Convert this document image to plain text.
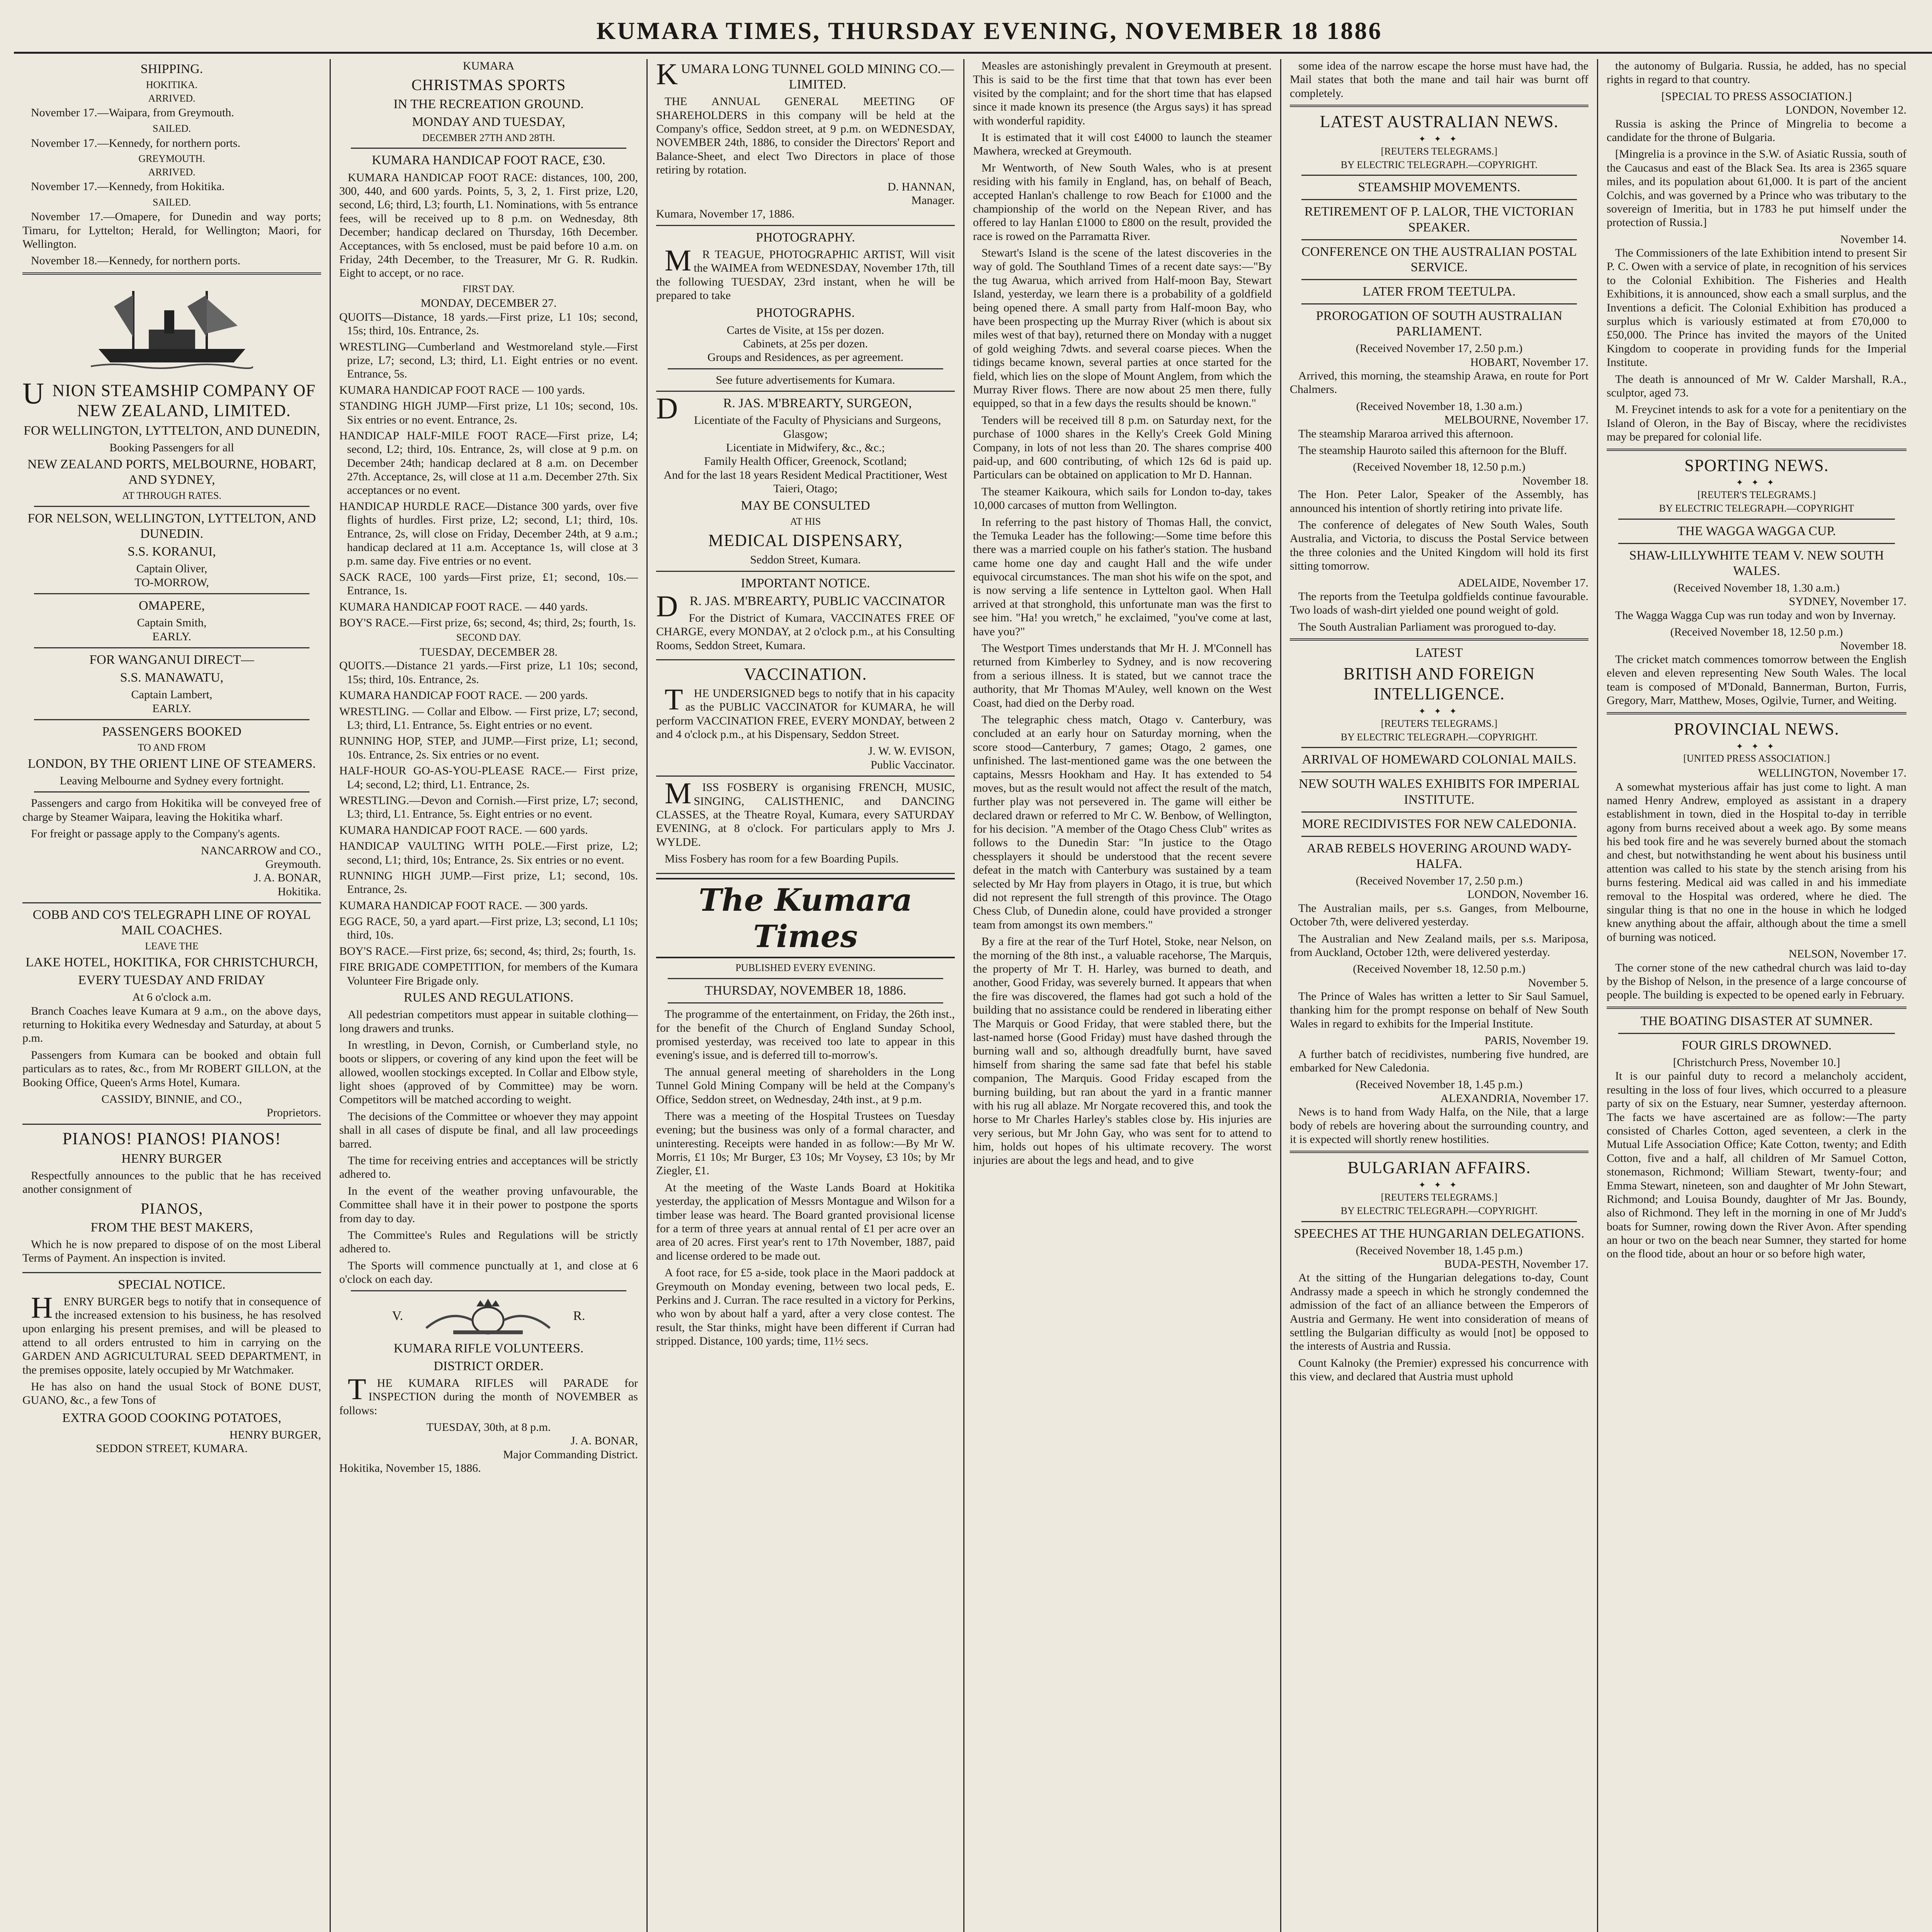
KUMARA TIMES, THURSDAY EVENING, NOVEMBER 18 1886
SHIPPING.
HOKITIKA.
ARRIVED.

November 17.—Waipara, from Greymouth.

SAILED.

November 17.—Kennedy, for northern ports.

GREYMOUTH.
ARRIVED.

November 17.—Kennedy, from Hokitika.

SAILED.

November 17.—Omapere, for Dunedin and way ports; Timaru, for Lyttelton; Herald, for Wellington; Maori, for Wellington.

November 18.—Kennedy, for northern ports.

UNION STEAMSHIP COMPANY OF NEW ZEALAND, LIMITED.
FOR WELLINGTON, LYTTELTON, AND DUNEDIN,
Booking Passengers for all
NEW ZEALAND PORTS, MELBOURNE, HOBART, AND SYDNEY,
AT THROUGH RATES.
FOR NELSON, WELLINGTON, LYTTELTON, AND DUNEDIN.
S.S. KORANUI,
Captain Oliver,
TO-MORROW,
OMAPERE,
Captain Smith,
EARLY.
FOR WANGANUI DIRECT—
S.S. MANAWATU,
Captain Lambert,
EARLY.
PASSENGERS BOOKED
TO AND FROM
LONDON, BY THE ORIENT LINE OF STEAMERS.
Leaving Melbourne and Sydney every fortnight.

Passengers and cargo from Hokitika will be conveyed free of charge by Steamer Waipara, leaving the Hokitika wharf.

For freight or passage apply to the Company's agents.

NANCARROW and CO.,
Greymouth.
J. A. BONAR,
Hokitika.
COBB AND CO'S TELEGRAPH LINE OF ROYAL MAIL COACHES.
LEAVE THE
LAKE HOTEL, HOKITIKA, FOR CHRISTCHURCH,
EVERY TUESDAY AND FRIDAY
At 6 o'clock a.m.

Branch Coaches leave Kumara at 9 a.m., on the above days, returning to Hokitika every Wednesday and Saturday, at about 5 p.m.

Passengers from Kumara can be booked and obtain full particulars as to rates, &c., from Mr ROBERT GILLON, at the Booking Office, Queen's Arms Hotel, Kumara.

CASSIDY, BINNIE, and CO.,
Proprietors.
PIANOS! PIANOS! PIANOS!
HENRY BURGER

Respectfully announces to the public that he has received another consignment of

PIANOS,
FROM THE BEST MAKERS,

Which he is now prepared to dispose of on the most Liberal Terms of Payment. An inspection is invited.

SPECIAL NOTICE.

HENRY BURGER begs to notify that in consequence of the increased extension to his business, he has resolved upon enlarging his present premises, and will be pleased to attend to all orders entrusted to him in carrying on the GARDEN AND AGRICULTURAL SEED DEPARTMENT, in the premises opposite, lately occupied by Mr Watchmaker.

He has also on hand the usual Stock of BONE DUST, GUANO, &c., a few Tons of

EXTRA GOOD COOKING POTATOES,
HENRY BURGER,
SEDDON STREET, KUMARA.
KUMARA
CHRISTMAS SPORTS
IN THE RECREATION GROUND.
MONDAY AND TUESDAY,
DECEMBER 27TH AND 28TH.
KUMARA HANDICAP FOOT RACE, £30.

KUMARA HANDICAP FOOT RACE: distances, 100, 200, 300, 440, and 600 yards. Points, 5, 3, 2, 1. First prize, L20, second, L6; third, L3; fourth, L1. Nominations, with 5s entrance fees, will be received up to 8 p.m. on Wednesday, 8th December; handicap declared on Thursday, 16th December. Acceptances, with 5s enclosed, must be paid before 10 a.m. on Friday, 24th December, to the Treasurer, Mr G. R. Rudkin. Eight to accept, or no race.

FIRST DAY.
MONDAY, DECEMBER 27.
QUOITS—Distance, 18 yards.—First prize, L1 10s; second, 15s; third, 10s. Entrance, 2s.
WRESTLING—Cumberland and Westmoreland style.—First prize, L7; second, L3; third, L1. Eight entries or no event. Entrance, 5s.
KUMARA HANDICAP FOOT RACE — 100 yards.
STANDING HIGH JUMP—First prize, L1 10s; second, 10s. Six entries or no event. Entrance, 2s.
HANDICAP HALF-MILE FOOT RACE—First prize, L4; second, L2; third, 10s. Entrance, 2s, will close at 9 p.m. on December 24th; handicap declared at 8 a.m. on December 27th. Acceptance, 2s, will close at 11 a.m. December 27th. Six acceptances or no event.
HANDICAP HURDLE RACE—Distance 300 yards, over five flights of hurdles. First prize, L2; second, L1; third, 10s. Entrance, 2s, will close on Friday, December 24th, at 9 a.m.; handicap declared at 11 a.m. Acceptance 1s, will close at 3 p.m. same day. Five entries or no event.
SACK RACE, 100 yards—First prize, £1; second, 10s.—Entrance, 1s.
KUMARA HANDICAP FOOT RACE. — 440 yards.
BOY'S RACE.—First prize, 6s; second, 4s; third, 2s; fourth, 1s.
SECOND DAY.
TUESDAY, DECEMBER 28.
QUOITS.—Distance 21 yards.—First prize, L1 10s; second, 15s; third, 10s. Entrance, 2s.
KUMARA HANDICAP FOOT RACE. — 200 yards.
WRESTLING. — Collar and Elbow. — First prize, L7; second, L3; third, L1. Entrance, 5s. Eight entries or no event.
RUNNING HOP, STEP, and JUMP.—First prize, L1; second, 10s. Entrance, 2s. Six entries or no event.
HALF-HOUR GO-AS-YOU-PLEASE RACE.— First prize, L4; second, L2; third, L1. Entrance, 2s.
WRESTLING.—Devon and Cornish.—First prize, L7; second, L3; third, L1. Entrance, 5s. Eight entries or no event.
KUMARA HANDICAP FOOT RACE. — 600 yards.
HANDICAP VAULTING WITH POLE.—First prize, L2; second, L1; third, 10s; Entrance, 2s. Six entries or no event.
RUNNING HIGH JUMP.—First prize, L1; second, 10s. Entrance, 2s.
KUMARA HANDICAP FOOT RACE. — 300 yards.
EGG RACE, 50, a yard apart.—First prize, L3; second, L1 10s; third, 10s.
BOY'S RACE.—First prize, 6s; second, 4s; third, 2s; fourth, 1s.
FIRE BRIGADE COMPETITION, for members of the Kumara Volunteer Fire Brigade only.
RULES AND REGULATIONS.

All pedestrian competitors must appear in suitable clothing—long drawers and trunks.

In wrestling, in Devon, Cornish, or Cumberland style, no boots or slippers, or covering of any kind upon the feet will be allowed, woollen stockings excepted. In Collar and Elbow style, light shoes (approved of by Committee) may be worn. Competitors will be matched according to weight.

The decisions of the Committee or whoever they may appoint shall in all cases of dispute be final, and all law proceedings barred.

The time for receiving entries and acceptances will be strictly adhered to.

In the event of the weather proving unfavourable, the Committee shall have it in their power to postpone the sports from day to day.

The Committee's Rules and Regulations will be strictly adhered to.

The Sports will commence punctually at 1, and close at 6 o'clock on each day.

V.	R.
KUMARA RIFLE VOLUNTEERS.
DISTRICT ORDER.

THE KUMARA RIFLES will PARADE for INSPECTION during the month of NOVEMBER as follows:

TUESDAY, 30th, at 8 p.m.
J. A. BONAR,
Major Commanding District.
Hokitika, November 15, 1886.
KUMARA LONG TUNNEL GOLD MINING CO.—LIMITED.

THE ANNUAL GENERAL MEETING OF SHAREHOLDERS in this company will be held at the Company's office, Seddon street, at 9 p.m. on WEDNESDAY, NOVEMBER 24th, 1886, to consider the Directors' Report and Balance-Sheet, and elect Two Directors in place of those retiring by rotation.

D. HANNAN,
Manager.
Kumara, November 17, 1886.
PHOTOGRAPHY.

MR TEAGUE, PHOTOGRAPHIC ARTIST, Will visit the WAIMEA from WEDNESDAY, November 17th, till the following TUESDAY, 23rd instant, when he will be prepared to take

PHOTOGRAPHS.
Cartes de Visite, at 15s per dozen.
Cabinets, at 25s per dozen.
Groups and Residences, as per agreement.
See future advertisements for Kumara.
DR. JAS. M'BREARTY, SURGEON,
Licentiate of the Faculty of Physicians and Surgeons, Glasgow;
Licentiate in Midwifery, &c., &c.;
Family Health Officer, Greenock, Scotland;
And for the last 18 years Resident Medical Practitioner, West Taieri, Otago;
MAY BE CONSULTED
AT HIS
MEDICAL DISPENSARY,
Seddon Street, Kumara.
IMPORTANT NOTICE.
DR. JAS. M'BREARTY, PUBLIC VACCINATOR

For the District of Kumara, VACCINATES FREE OF CHARGE, every MONDAY, at 2 o'clock p.m., at his Consulting Rooms, Seddon Street, Kumara.

VACCINATION.

THE UNDERSIGNED begs to notify that in his capacity as the PUBLIC VACCINATOR for KUMARA, he will perform VACCINATION FREE, EVERY MONDAY, between 2 and 4 o'clock p.m., at his Dispensary, Seddon Street.

J. W. W. EVISON,
Public Vaccinator.

MISS FOSBERY is organising FRENCH, MUSIC, SINGING, CALISTHENIC, and DANCING CLASSES, at the Theatre Royal, Kumara, every SATURDAY EVENING, at 8 o'clock. For particulars apply to Mrs J. WYLDE.

Miss Fosbery has room for a few Boarding Pupils.

The Kumara Times
PUBLISHED EVERY EVENING.
THURSDAY, NOVEMBER 18, 1886.

The programme of the entertainment, on Friday, the 26th inst., for the benefit of the Church of England Sunday School, promised yesterday, was received too late to appear in this evening's issue, and is deferred till to-morrow's.

The annual general meeting of shareholders in the Long Tunnel Gold Mining Company will be held at the Company's Office, Seddon street, on Wednesday, 24th inst., at 9 p.m.

There was a meeting of the Hospital Trustees on Tuesday evening; but the business was only of a formal character, and uninteresting. Receipts were handed in as follow:—By Mr W. Morris, £1 10s; Mr Burger, £3 10s; Mr Voysey, £3 10s; by Mr Ziegler, £1.

At the meeting of the Waste Lands Board at Hokitika yesterday, the application of Messrs Montague and Wilson for a timber lease was heard. The Board granted provisional license for a term of three years at annual rental of £1 per acre over an area of 20 acres. First year's rent to 17th November, 1887, paid and license ordered to be made out.

A foot race, for £5 a-side, took place in the Maori paddock at Greymouth on Monday evening, between two local peds, E. Perkins and J. Curran. The race resulted in a victory for Perkins, who won by about half a yard, after a very close contest. The result, the Star thinks, might have been different if Curran had stripped. Distance, 100 yards; time, 11½ secs.

Measles are astonishingly prevalent in Greymouth at present. This is said to be the first time that that town has ever been visited by the complaint; and for the short time that has elapsed since it made known its presence (the Argus says) it has spread with wonderful rapidity.

It is estimated that it will cost £4000 to launch the steamer Mawhera, wrecked at Greymouth.

Mr Wentworth, of New South Wales, who is at present residing with his family in England, has, on behalf of Beach, accepted Hanlan's challenge to row Beach for £1000 and the championship of the world on the Nepean River, and has offered to lay Hanlan £1000 to £800 on the result, provided the race is rowed on the Parramatta River.

Stewart's Island is the scene of the latest discoveries in the way of gold. The Southland Times of a recent date says:—"By the tug Awarua, which arrived from Half-moon Bay, Stewart Island, yesterday, we learn there is a probability of a goldfield being opened there. A small party from Half-moon Bay, who have been prospecting up the Murray River (which is about six miles west of that bay), returned there on Monday with a nugget of gold weighing 7dwts. and several coarse pieces. When the tidings became known, several parties at once started for the field, which lies on the slope of Mount Anglem, from which the Murray River flows. There are now about 25 men there, fully equipped, so that in a few days the results should be known."

Tenders will be received till 8 p.m. on Saturday next, for the purchase of 1000 shares in the Kelly's Creek Gold Mining Company, in lots of not less than 20. The shares comprise 400 paid-up, and 600 contributing, of which 12s 6d is paid up. Particulars can be obtained on application to Mr D. Hannan.

The steamer Kaikoura, which sails for London to-day, takes 10,000 carcases of mutton from Wellington.

In referring to the past history of Thomas Hall, the convict, the Temuka Leader has the following:—Some time before this there was a married couple on his father's station. The husband came home one day and caught Hall and the wife under equivocal circumstances. The man shot his wife on the spot, and is now serving a life sentence in Lyttelton gaol. When Hall arrived at that stronghold, this unfortunate man was the first to see him. "Ha! you wretch," he exclaimed, "you've come at last, have you?"

The Westport Times understands that Mr H. J. M'Connell has returned from Kimberley to Sydney, and is now recovering from a serious illness. It is stated, but we cannot trace the authority, that Mr Thomas M'Auley, well known on the West Coast, had died on the Derby road.

The telegraphic chess match, Otago v. Canterbury, was concluded at an early hour on Saturday morning, when the score stood—Canterbury, 7 games; Otago, 2 games, one unfinished. The last-mentioned game was the one between the captains, Messrs Hookham and Hay. It has extended to 54 moves, but as the result would not affect the result of the match, further play was not persevered in. The game will either be declared drawn or referred to Mr C. W. Benbow, of Wellington, for his decision. "A member of the Otago Chess Club" writes as follows to the Dunedin Star: "In justice to the Otago chessplayers it should be understood that the recent severe defeat in the match with Canterbury was sustained by a team selected by Mr Hay from players in Otago, it is true, but which did not represent the full strength of this province. The Otago Chess Club, of Dunedin alone, could have provided a stronger team from amongst its own members."

By a fire at the rear of the Turf Hotel, Stoke, near Nelson, on the morning of the 8th inst., a valuable racehorse, The Marquis, the property of Mr T. H. Harley, was burned to death, and another, Good Friday, was severely burned. It appears that when the fire was discovered, the flames had got such a hold of the building that no assistance could be rendered in liberating either The Marquis or Good Friday, that were stabled there, but the last-named horse (Good Friday) must have dashed through the burning wall and so, although dreadfully burnt, have saved himself from sharing the same sad fate that befel his stable companion, The Marquis. Good Friday escaped from the burning building, but ran about the yard in a frantic manner with his rug all ablaze. Mr Norgate recovered this, and took the horse to Mr Charles Harley's stables close by. His injuries are very serious, but Mr John Gay, who was sent for to attend to him, holds out hopes of his ultimate recovery. The worst injuries are about the legs and head, and to give

some idea of the narrow escape the horse must have had, the Mail states that both the mane and tail hair was burnt off completely.

LATEST AUSTRALIAN NEWS.
✦ ✦ ✦
[REUTERS TELEGRAMS.]
BY ELECTRIC TELEGRAPH.—COPYRIGHT.
STEAMSHIP MOVEMENTS.
RETIREMENT OF P. LALOR, THE VICTORIAN SPEAKER.
CONFERENCE ON THE AUSTRALIAN POSTAL SERVICE.
LATER FROM TEETULPA.
PROROGATION OF SOUTH AUSTRALIAN PARLIAMENT.
(Received November 17, 2.50 p.m.)
HOBART, November 17.

Arrived, this morning, the steamship Arawa, en route for Port Chalmers.

(Received November 18, 1.30 a.m.)
MELBOURNE, November 17.

The steamship Mararoa arrived this afternoon.

The steamship Hauroto sailed this afternoon for the Bluff.

(Received November 18, 12.50 p.m.)
November 18.

The Hon. Peter Lalor, Speaker of the Assembly, has announced his intention of shortly retiring into private life.

The conference of delegates of New South Wales, South Australia, and Victoria, to discuss the Postal Service between the three colonies and the United Kingdom will hold its first sitting tomorrow.

ADELAIDE, November 17.

The reports from the Teetulpa goldfields continue favourable. Two loads of wash-dirt yielded one pound weight of gold.

The South Australian Parliament was prorogued to-day.

LATEST
BRITISH AND FOREIGN INTELLIGENCE.
✦ ✦ ✦
[REUTERS TELEGRAMS.]
BY ELECTRIC TELEGRAPH.—COPYRIGHT.
ARRIVAL OF HOMEWARD COLONIAL MAILS.
NEW SOUTH WALES EXHIBITS FOR IMPERIAL INSTITUTE.
MORE RECIDIVISTES FOR NEW CALEDONIA.
ARAB REBELS HOVERING AROUND WADY-HALFA.
(Received November 17, 2.50 p.m.)
LONDON, November 16.

The Australian mails, per s.s. Ganges, from Melbourne, October 7th, were delivered yesterday.

The Australian and New Zealand mails, per s.s. Mariposa, from Auckland, October 12th, were delivered yesterday.

(Received November 18, 12.50 p.m.)
November 5.

The Prince of Wales has written a letter to Sir Saul Samuel, thanking him for the prompt response on behalf of New South Wales in regard to exhibits for the Imperial Institute.

PARIS, November 19.

A further batch of recidivistes, numbering five hundred, are embarked for New Caledonia.

(Received November 18, 1.45 p.m.)
ALEXANDRIA, November 17.

News is to hand from Wady Halfa, on the Nile, that a large body of rebels are hovering about the surrounding country, and it is expected will shortly renew hostilities.

BULGARIAN AFFAIRS.
✦ ✦ ✦
[REUTERS TELEGRAMS.]
BY ELECTRIC TELEGRAPH.—COPYRIGHT.
SPEECHES AT THE HUNGARIAN DELEGATIONS.
(Received November 18, 1.45 p.m.)
BUDA-PESTH, November 17.

At the sitting of the Hungarian delegations to-day, Count Andrassy made a speech in which he strongly condemned the admission of the fact of an alliance between the Emperors of Austria and Germany. He went into consideration of means of settling the Bulgarian difficulty as would [not] be opposed to the interests of Austria and Russia.

Count Kalnoky (the Premier) expressed his concurrence with this view, and declared that Austria must uphold

the autonomy of Bulgaria. Russia, he added, has no special rights in regard to that country.

[SPECIAL TO PRESS ASSOCIATION.]
LONDON, November 12.

Russia is asking the Prince of Mingrelia to become a candidate for the throne of Bulgaria.

[Mingrelia is a province in the S.W. of Asiatic Russia, south of the Caucasus and east of the Black Sea. Its area is 2365 square miles, and its population about 61,000. It is part of the ancient Colchis, and was governed by a Prince who was tributary to the sovereign of Imeritia, but in 1783 he put himself under the protection of Russia.]

November 14.

The Commissioners of the late Exhibition intend to present Sir P. C. Owen with a service of plate, in recognition of his services to the Colonial Exhibition. The Fisheries and Health Exhibitions, it is announced, show each a small surplus, and the Inventions a deficit. The Colonial Exhibition has produced a surplus which is variously estimated at from £70,000 to £50,000. The Prince has invited the mayors of the United Kingdom to cooperate in providing funds for the Imperial Institute.

The death is announced of Mr W. Calder Marshall, R.A., sculptor, aged 73.

M. Freycinet intends to ask for a vote for a penitentiary on the Island of Oleron, in the Bay of Biscay, where the recidivistes may be prepared for colonial life.

SPORTING NEWS.
✦ ✦ ✦
[REUTER'S TELEGRAMS.]
BY ELECTRIC TELEGRAPH.—COPYRIGHT
THE WAGGA WAGGA CUP.
SHAW-LILLYWHITE TEAM V. NEW SOUTH WALES.
(Received November 18, 1.30 a.m.)
SYDNEY, November 17.

The Wagga Wagga Cup was run today and won by Invernay.

(Received November 18, 12.50 p.m.)
November 18.

The cricket match commences tomorrow between the English eleven and eleven representing New South Wales. The local team is composed of M'Donald, Bannerman, Burton, Furris, Gregory, Marr, Matthew, Moses, Ogilvie, Turner, and Weiting.

PROVINCIAL NEWS.
✦ ✦ ✦
[UNITED PRESS ASSOCIATION.]
WELLINGTON, November 17.

A somewhat mysterious affair has just come to light. A man named Henry Andrew, employed as assistant in a drapery establishment in town, died in the Hospital to-day in terrible agony from burns received about a week ago. By some means his bed took fire and he was severely burned about the stomach and chest, but notwithstanding he went about his business until attention was called to his state by the stench arising from his burns festering. Medical aid was called in and his immediate removal to the Hospital was ordered, where he died. The singular thing is that no one in the house in which he lodged knew anything about the affair, although about the time a smell of burning was noticed.

NELSON, November 17.

The corner stone of the new cathedral church was laid to-day by the Bishop of Nelson, in the presence of a large concourse of people. The building is expected to be opened early in February.

THE BOATING DISASTER AT SUMNER.
FOUR GIRLS DROWNED.
[Christchurch Press, November 10.]

It is our painful duty to record a melancholy accident, resulting in the loss of four lives, which occurred to a pleasure party of six on the Estuary, near Sumner, yesterday afternoon. The facts we have ascertained are as follow:—The party consisted of Charles Cotton, aged seventeen, a clerk in the Mutual Life Association Office; Kate Cotton, twenty; and Edith Cotton, five and a half, all children of Mr Samuel Cotton, stonemason, Richmond; William Stewart, twenty-four; and Emma Stewart, nineteen, son and daughter of Mr John Stewart, Richmond; and Louisa Boundy, daughter of Mr Jas. Boundy, also of Richmond. They left in the morning in one of Mr Judd's boats for Sumner, rowing down the River Avon. After spending an hour or two on the beach near Sumner, they started for home on the flood tide, about an hour or so before high water,
